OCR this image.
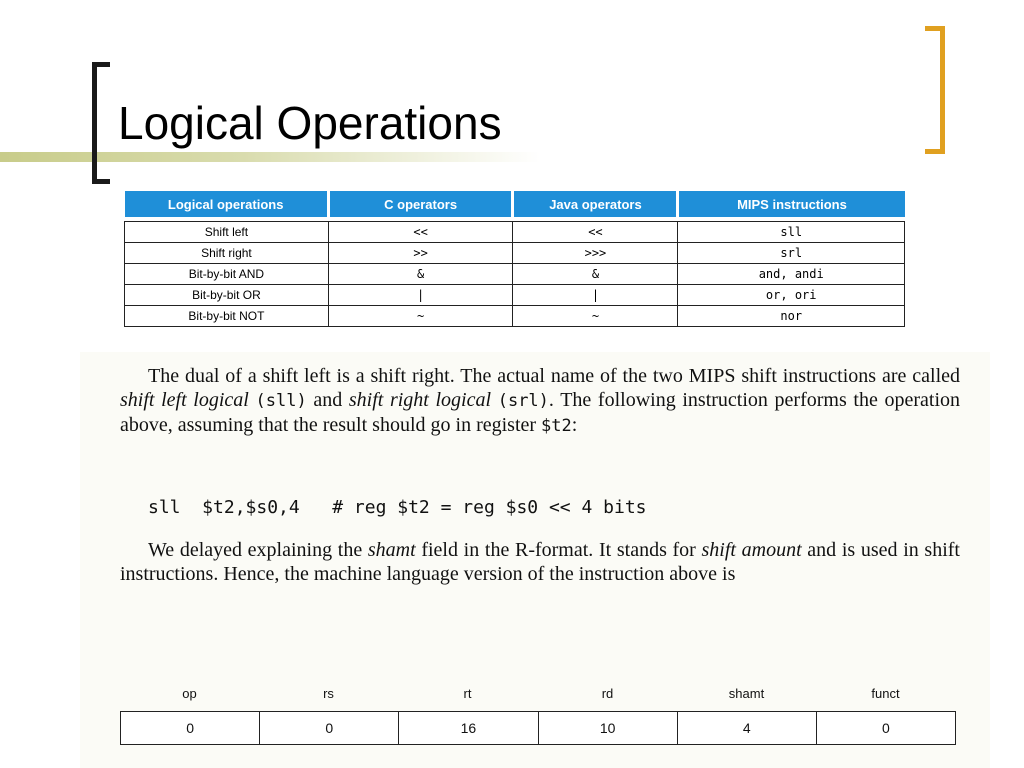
Logical Operations
Logical operations	C operators	Java operators	MIPS instructions

Shift left	<<	<<	sll
Shift right	>>	>>>	srl
Bit-by-bit AND	&	&	and, andi
Bit-by-bit OR	|	|	or, ori
Bit-by-bit NOT	~	~	nor

The dual of a shift left is a shift right. The actual name of the two MIPS shift instructions are called shift left logical (sll) and shift right logical (srl). The following instruction performs the operation above, assuming that the result should go in register $t2:

sll  $t2,$s0,4   # reg $t2 = reg $s0 << 4 bits

We delayed explaining the shamt field in the R-format. It stands for shift amount and is used in shift instructions. Hence, the machine language version of the instruction above is

op	rs	rt	rd	shamt	funct
0	0	16	10	4	0
